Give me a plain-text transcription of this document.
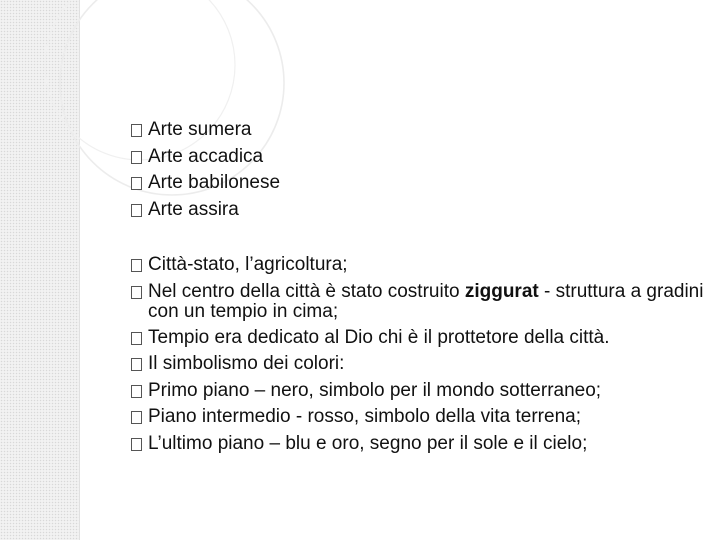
Arte sumera
Arte accadica
Arte babilonese
Arte assira
Città-stato, l’agricoltura;
Nel centro della città è stato costruito ziggurat - struttura a gradini con un tempio in cima;
Tempio era dedicato al Dio chi è il prottetore della città.
Il simbolismo dei colori:
Primo piano – nero, simbolo per il mondo sotterraneo;
Piano intermedio - rosso, simbolo della vita terrena;
L’ultimo piano – blu e oro, segno per il sole e il cielo;
